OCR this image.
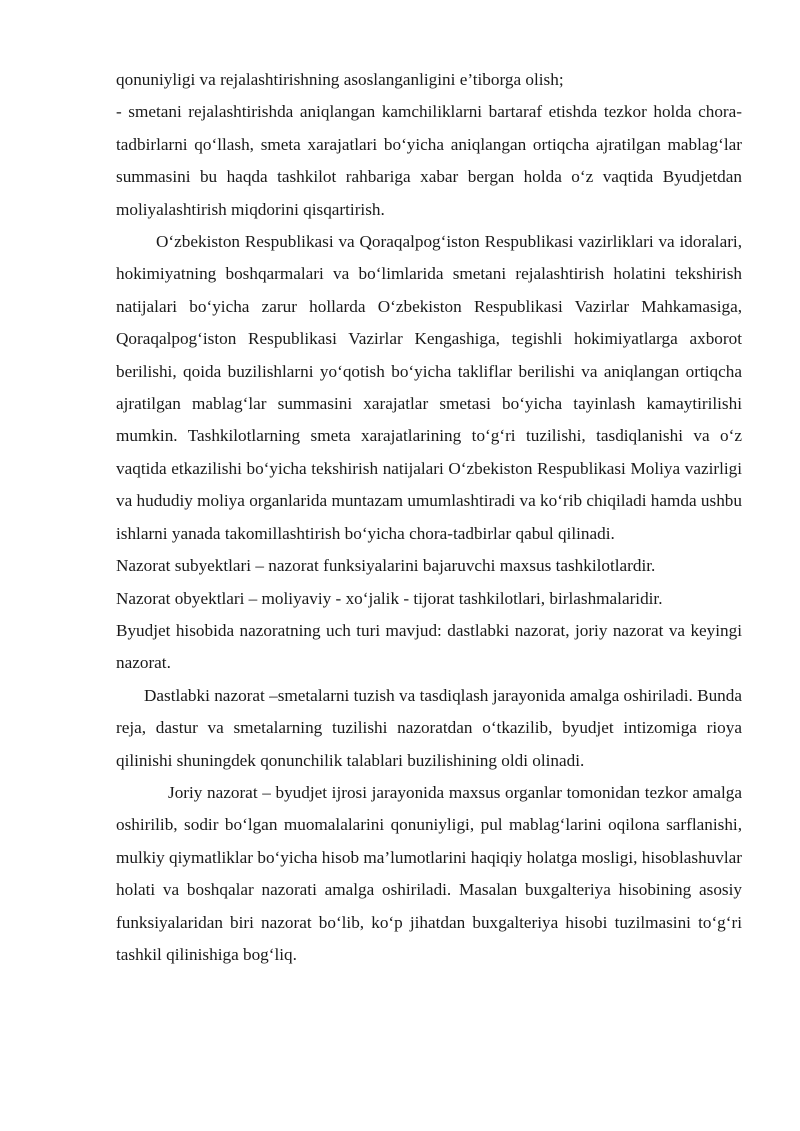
qonuniyligi va rejalashtirishning asoslanganligini e’tiborga olish;

- smetani rejalashtirishda aniqlangan kamchiliklarni bartaraf etishda tezkor holda chora-tadbirlarni qo‘llash, smeta xarajatlari bo‘yicha aniqlangan ortiqcha ajratilgan mablag‘lar summasini bu haqda tashkilot rahbariga xabar bergan holda o‘z vaqtida Byudjetdan moliyalashtirish miqdorini qisqartirish.

O‘zbekiston Respublikasi va Qoraqalpog‘iston Respublikasi vazirliklari va idoralari, hokimiyatning boshqarmalari va bo‘limlarida smetani rejalashtirish holatini tekshirish natijalari bo‘yicha zarur hollarda O‘zbekiston Respublikasi Vazirlar Mahkamasiga, Qoraqalpog‘iston Respublikasi Vazirlar Kengashiga, tegishli hokimiyatlarga axborot berilishi, qoida buzilishlarni yo‘qotish bo‘yicha takliflar berilishi va aniqlangan ortiqcha ajratilgan mablag‘lar summasini xarajatlar smetasi bo‘yicha tayinlash kamaytirilishi mumkin. Tashkilotlarning smeta xarajatlarining to‘g‘ri tuzilishi, tasdiqlanishi va o‘z vaqtida etkazilishi bo‘yicha tekshirish natijalari O‘zbekiston Respublikasi Moliya vazirligi va hududiy moliya organlarida muntazam umumlashtiradi va ko‘rib chiqiladi hamda ushbu ishlarni yanada takomillashtirish bo‘yicha chora-tadbirlar qabul qilinadi.

Nazorat subyektlari – nazorat funksiyalarini bajaruvchi maxsus tashkilotlardir.

Nazorat obyektlari – moliyaviy - xo‘jalik - tijorat tashkilotlari, birlashmalaridir.

Byudjet hisobida nazoratning uch turi mavjud: dastlabki nazorat, joriy nazorat va keyingi nazorat.

Dastlabki nazorat –smetalarni tuzish va tasdiqlash jarayonida amalga oshiriladi. Bunda reja, dastur va smetalarning tuzilishi nazoratdan o‘tkazilib, byudjet intizomiga rioya qilinishi shuningdek qonunchilik talablari buzilishining oldi olinadi.

Joriy nazorat – byudjet ijrosi jarayonida maxsus organlar tomonidan tezkor amalga oshirilib, sodir bo‘lgan muomalalarini qonuniyligi, pul mablag‘larini oqilona sarflanishi, mulkiy qiymatliklar bo‘yicha hisob ma’lumotlarini haqiqiy holatga mosligi, hisoblashuvlar holati va boshqalar nazorati amalga oshiriladi. Masalan buxgalteriya hisobining asosiy funksiyalaridan biri nazorat bo‘lib, ko‘p jihatdan buxgalteriya hisobi tuzilmasini to‘g‘ri tashkil qilinishiga bog‘liq.
